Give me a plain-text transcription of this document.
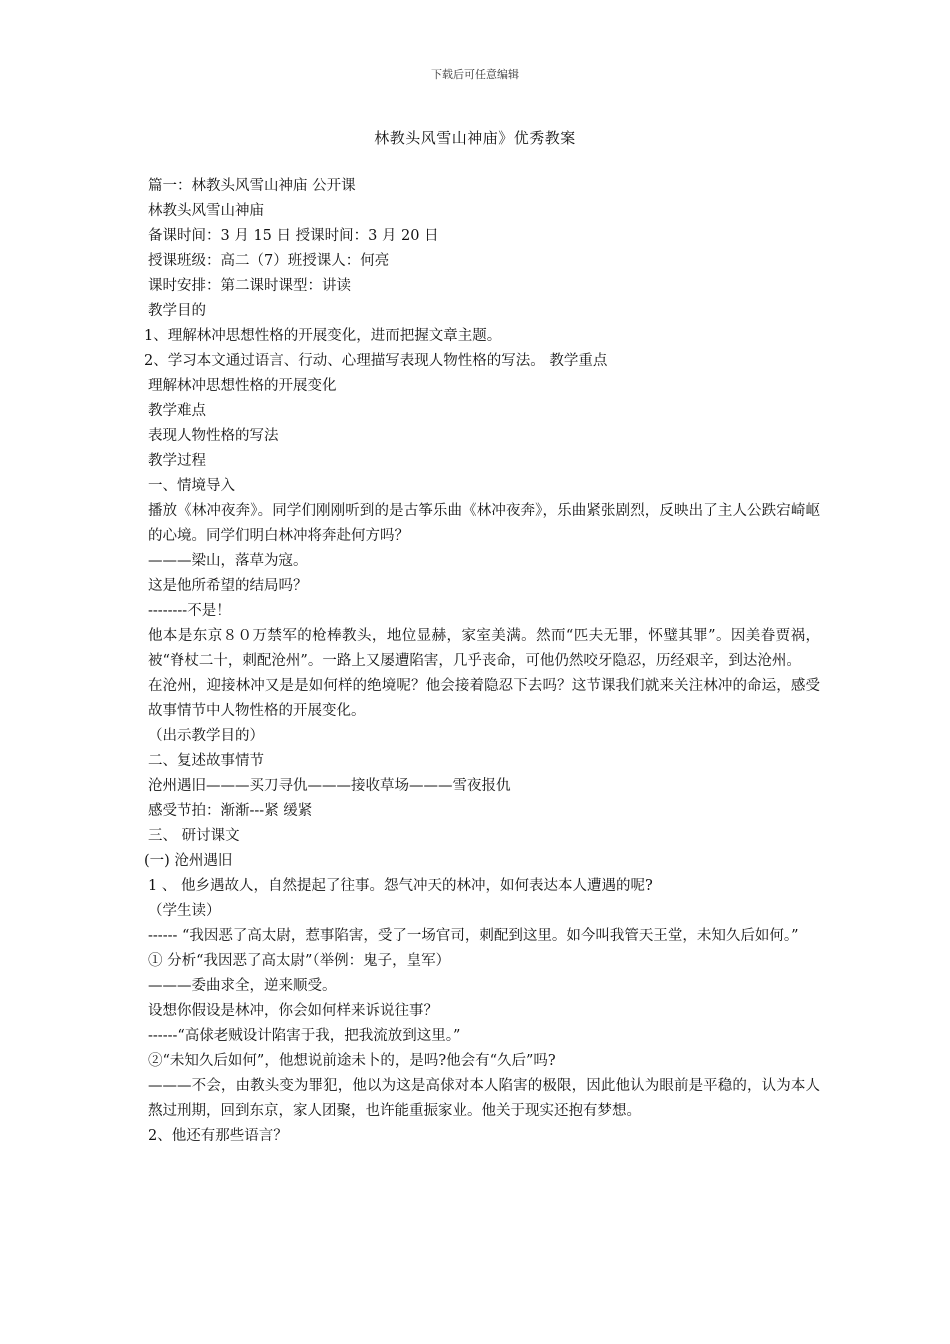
下载后可任意编辑
林教头风雪山神庙》优秀教案

篇一：林教头风雪山神庙 公开课

林教头风雪山神庙

备课时间：3 月 15 日 授课时间：3 月 20 日

授课班级：高二（7）班授课人：何亮

课时安排：第二课时课型：讲读

教学目的

1、理解林冲思想性格的开展变化，进而把握文章主题。

2、学习本文通过语言、行动、心理描写表现人物性格的写法。 教学重点

理解林冲思想性格的开展变化

教学难点

表现人物性格的写法

教学过程

一、情境导入

播放《林冲夜奔》。同学们刚刚听到的是古筝乐曲《林冲夜奔》，乐曲紧张剧烈，反映出了主人公跌宕崎岖的心境。同学们明白林冲将奔赴何方吗？

———梁山，落草为寇。

这是他所希望的结局吗？

--------不是！

他本是东京８０万禁军的枪棒教头，地位显赫，家室美满。然而“匹夫无罪，怀璧其罪”。因美眷贾祸，被“脊杖二十，刺配沧州”。一路上又屡遭陷害，几乎丧命，可他仍然咬牙隐忍，历经艰辛，到达沧州。

在沧州，迎接林冲又是是如何样的绝境呢？他会接着隐忍下去吗？这节课我们就来关注林冲的命运，感受故事情节中人物性格的开展变化。

（出示教学目的）

二、复述故事情节

沧州遇旧———买刀寻仇———接收草场———雪夜报仇

感受节拍：渐渐---紧 缓紧

三、 研讨课文

(一) 沧州遇旧

1 、 他乡遇故人，自然提起了往事。怨气冲天的林冲，如何表达本人遭遇的呢?

（学生读）

------ “我因恶了高太尉，惹事陷害，受了一场官司，刺配到这里。如今叫我管天王堂，未知久后如何。”

① 分析“我因恶了高太尉”（举例：鬼子，皇军）

———委曲求全，逆来顺受。

设想你假设是林冲，你会如何样来诉说往事？

------“高俅老贼设计陷害于我，把我流放到这里。”

②“未知久后如何”，他想说前途未卜的，是吗?他会有“久后”吗?

———不会，由教头变为罪犯，他以为这是高俅对本人陷害的极限，因此他认为眼前是平稳的，认为本人熬过刑期，回到东京，家人团聚，也许能重振家业。他关于现实还抱有梦想。

2、他还有那些语言？
